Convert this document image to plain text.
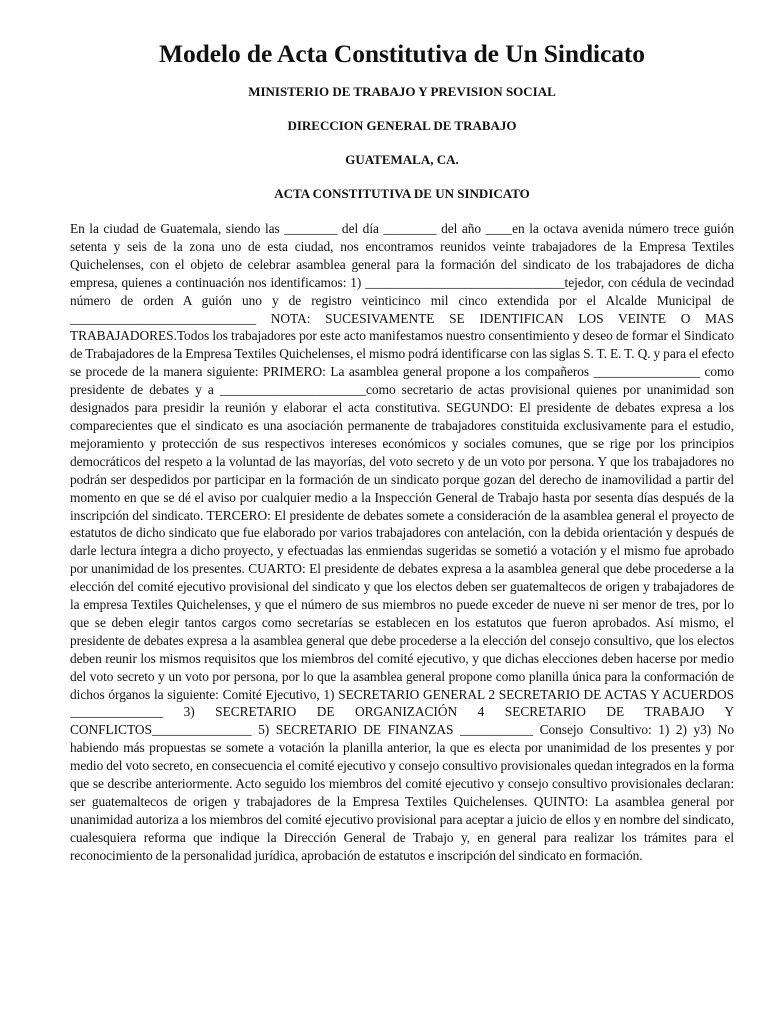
Modelo de Acta Constitutiva de Un Sindicato
MINISTERIO DE TRABAJO Y PREVISION SOCIAL
DIRECCION GENERAL DE TRABAJO
GUATEMALA, CA.
ACTA CONSTITUTIVA DE UN SINDICATO

En la ciudad de Guatemala, siendo las ________ del día ________ del año ____en la octava avenida número trece guión setenta y seis de la zona uno de esta ciudad, nos encontramos reunidos veinte trabajadores de la Empresa Textiles Quichelenses, con el objeto de celebrar asamblea general para la formación del sindicato de los trabajadores de dicha empresa, quienes a continuación nos identificamos: 1) ______________________________tejedor, con cédula de vecindad número de orden A guión uno y de registro veinticinco mil cinco extendida por el Alcalde Municipal de ____________________________ NOTA: SUCESIVAMENTE SE IDENTIFICAN LOS VEINTE O MAS TRABAJADORES.Todos los trabajadores por este acto manifestamos nuestro consentimiento y deseo de formar el Sindicato de Trabajadores de la Empresa Textiles Quichelenses, el mismo podrá identificarse con las siglas S. T. E. T. Q. y para el efecto se procede de la manera siguiente: PRIMERO: La asamblea general propone a los compañeros ________________ como presidente de debates y a ______________________como secretario de actas provisional quienes por unanimidad son designados para presidir la reunión y elaborar el acta constitutiva. SEGUNDO: El presidente de debates expresa a los comparecientes que el sindicato es una asociación permanente de trabajadores constituida exclusivamente para el estudio, mejoramiento y protección de sus respectivos intereses económicos y sociales comunes, que se rige por los principios democráticos del respeto a la voluntad de las mayorías, del voto secreto y de un voto por persona. Y que los trabajadores no podrán ser despedidos por participar en la formación de un sindicato porque gozan del derecho de inamovilidad a partir del momento en que se dé el aviso por cualquier medio a la Inspección General de Trabajo hasta por sesenta días después de la inscripción del sindicato. TERCERO: El presidente de debates somete a consideración de la asamblea general el proyecto de estatutos de dicho sindicato que fue elaborado por varios trabajadores con antelación, con la debida orientación y después de darle lectura íntegra a dicho proyecto, y efectuadas las enmiendas sugeridas se sometió a votación y el mismo fue aprobado por unanimidad de los presentes. CUARTO: El presidente de debates expresa a la asamblea general que debe procederse a la elección del comité ejecutivo provisional del sindicato y que los electos deben ser guatemaltecos de origen y trabajadores de la empresa Textiles Quichelenses, y que el número de sus miembros no puede exceder de nueve ni ser menor de tres, por lo que se deben elegir tantos cargos como secretarías se establecen en los estatutos que fueron aprobados. Así mismo, el presidente de debates expresa a la asamblea general que debe procederse a la elección del consejo consultivo, que los electos deben reunir los mismos requisitos que los miembros del comité ejecutivo, y que dichas elecciones deben hacerse por medio del voto secreto y un voto por persona, por lo que la asamblea general propone como planilla única para la conformación de dichos órganos la siguiente: Comité Ejecutivo, 1) SECRETARIO GENERAL 2 SECRETARIO DE ACTAS Y ACUERDOS ______________ 3) SECRETARIO DE ORGANIZACIÓN 4 SECRETARIO DE TRABAJO Y CONFLICTOS_______________ 5) SECRETARIO DE FINANZAS ___________ Consejo Consultivo: 1) 2) y3) No habiendo más propuestas se somete a votación la planilla anterior, la que es electa por unanimidad de los presentes y por medio del voto secreto, en consecuencia el comité ejecutivo y consejo consultivo provisionales quedan integrados en la forma que se describe anteriormente. Acto seguido los miembros del comité ejecutivo y consejo consultivo provisionales declaran: ser guatemaltecos de origen y trabajadores de la Empresa Textiles Quichelenses. QUINTO: La asamblea general por unanimidad autoriza a los miembros del comité ejecutivo provisional para aceptar a juicio de ellos y en nombre del sindicato, cualesquiera reforma que indique la Dirección General de Trabajo y, en general para realizar los trámites para el reconocimiento de la personalidad jurídica, aprobación de estatutos e inscripción del sindicato en formación.
